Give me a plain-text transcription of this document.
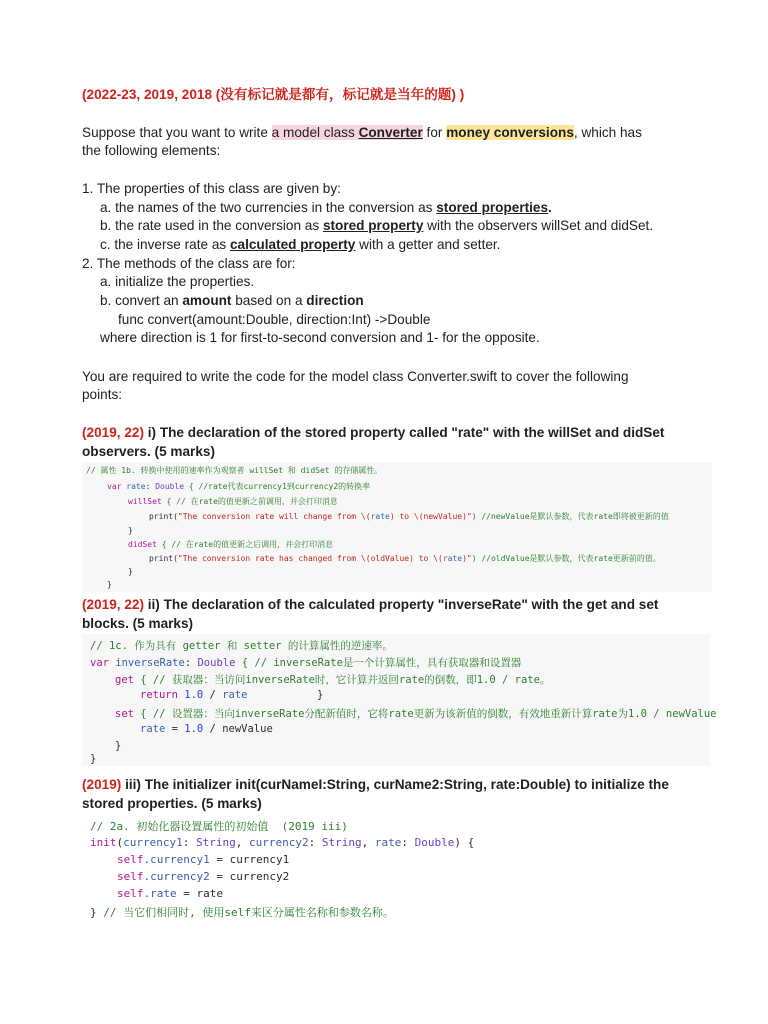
(2022-23, 2019, 2018 (没有标记就是都有，标记就是当年的题) )
Suppose that you want to write a model class Converter for money conversions, which has
the following elements:
1. The properties of this class are given by:
a. the names of the two currencies in the conversion as stored properties.
b. the rate used in the conversion as stored property with the observers willSet and didSet.
c. the inverse rate as calculated property with a getter and setter.
2. The methods of the class are for:
a. initialize the properties.
b. convert an amount based on a direction
func convert(amount:Double, direction:Int) ->Double
where direction is 1 for first-to-second conversion and 1- for the opposite.
You are required to write the code for the model class Converter.swift to cover the following
points:
(2019, 22) i) The declaration of the stored property called "rate" with the willSet and didSet observers. (5 marks)
// 属性 1b. 转换中使用的速率作为观察者 willSet 和 didSet 的存储属性。
var rate: Double { //rate代表currency1到currency2的转换率
willSet { // 在rate的值更新之前调用，并会打印消息
print("The conversion rate will change from \(rate) to \(newValue)") //newValue是默认参数，代表rate即将被更新的值
}
didSet { // 在rate的值更新之后调用，并会打印消息
print("The conversion rate has changed from \(oldValue) to \(rate)") //oldValue是默认参数，代表rate更新前的值。
}
}
(2019, 22) ii) The declaration of the calculated property "inverseRate" with the get and set blocks. (5 marks)
// 1c. 作为具有 getter 和 setter 的计算属性的逆速率。
var inverseRate: Double { // inverseRate是一个计算属性，具有获取器和设置器
get { // 获取器：当访问inverseRate时，它计算并返回rate的倒数，即1.0 / rate。
return 1.0 / rate           }
set { // 设置器：当向inverseRate分配新值时，它将rate更新为该新值的倒数，有效地重新计算rate为1.0 / newValue
rate = 1.0 / newValue
}
}
(2019) iii) The initializer init(curNameI:String, curName2:String, rate:Double) to initialize the stored properties. (5 marks)
// 2a. 初始化器设置属性的初始值  (2019 iii)
init(currency1: String, currency2: String, rate: Double) {
self.currency1 = currency1
self.currency2 = currency2
self.rate = rate
} // 当它们相同时, 使用self来区分属性名称和参数名称。
